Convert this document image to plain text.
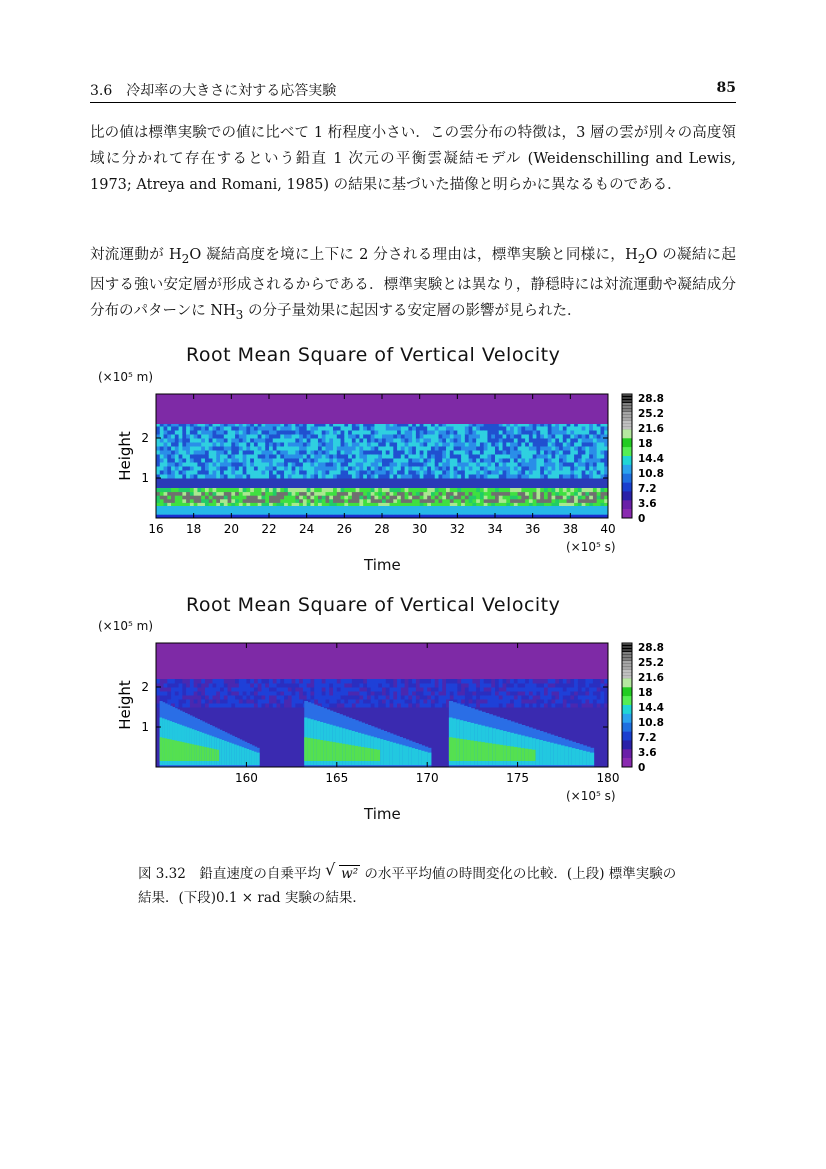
3.6　冷却率の大きさに対する応答実験	85

比の値は標準実験での値に比べて 1 桁程度小さい．この雲分布の特徴は，3 層の雲が別々の高度領域に分かれて存在するという鉛直 1 次元の平衡雲凝結モデル (Weidenschilling and Lewis, 1973; Atreya and Romani, 1985) の結果に基づいた描像と明らかに異なるものである．

対流運動が $H_2O$ 凝結高度を境に上下に 2 分される理由は，標準実験と同様に，$H_2O$ の凝結に起因する強い安定層が形成されるからである．標準実験とは異なり，静穏時には対流運動や凝結成分分布のパターンに $NH_3$ の分子量効果に起因する安定層の影響が見られた．

Root Mean Square of Vertical Velocity
(×10⁵ m)
1
2
Height
16 18 20 22 24 26 28 30 32 34 36 38 40
28.8
25.2
21.6
18
14.4
10.8
7.2
3.6
0
(×10⁵ s)
Time
Root Mean Square of Vertical Velocity
(×10⁵ m)
1
2
Height
160	165	170	175	180
28.8
25.2
21.6
18
14.4
10.8
7.2
3.6
0
(×10⁵ s)
Time
図 3.32　鉛直速度の自乗平均 √ w² の水平平均値の時間変化の比較．(上段) 標準実験の結果．(下段)0.1 × rad 実験の結果．
